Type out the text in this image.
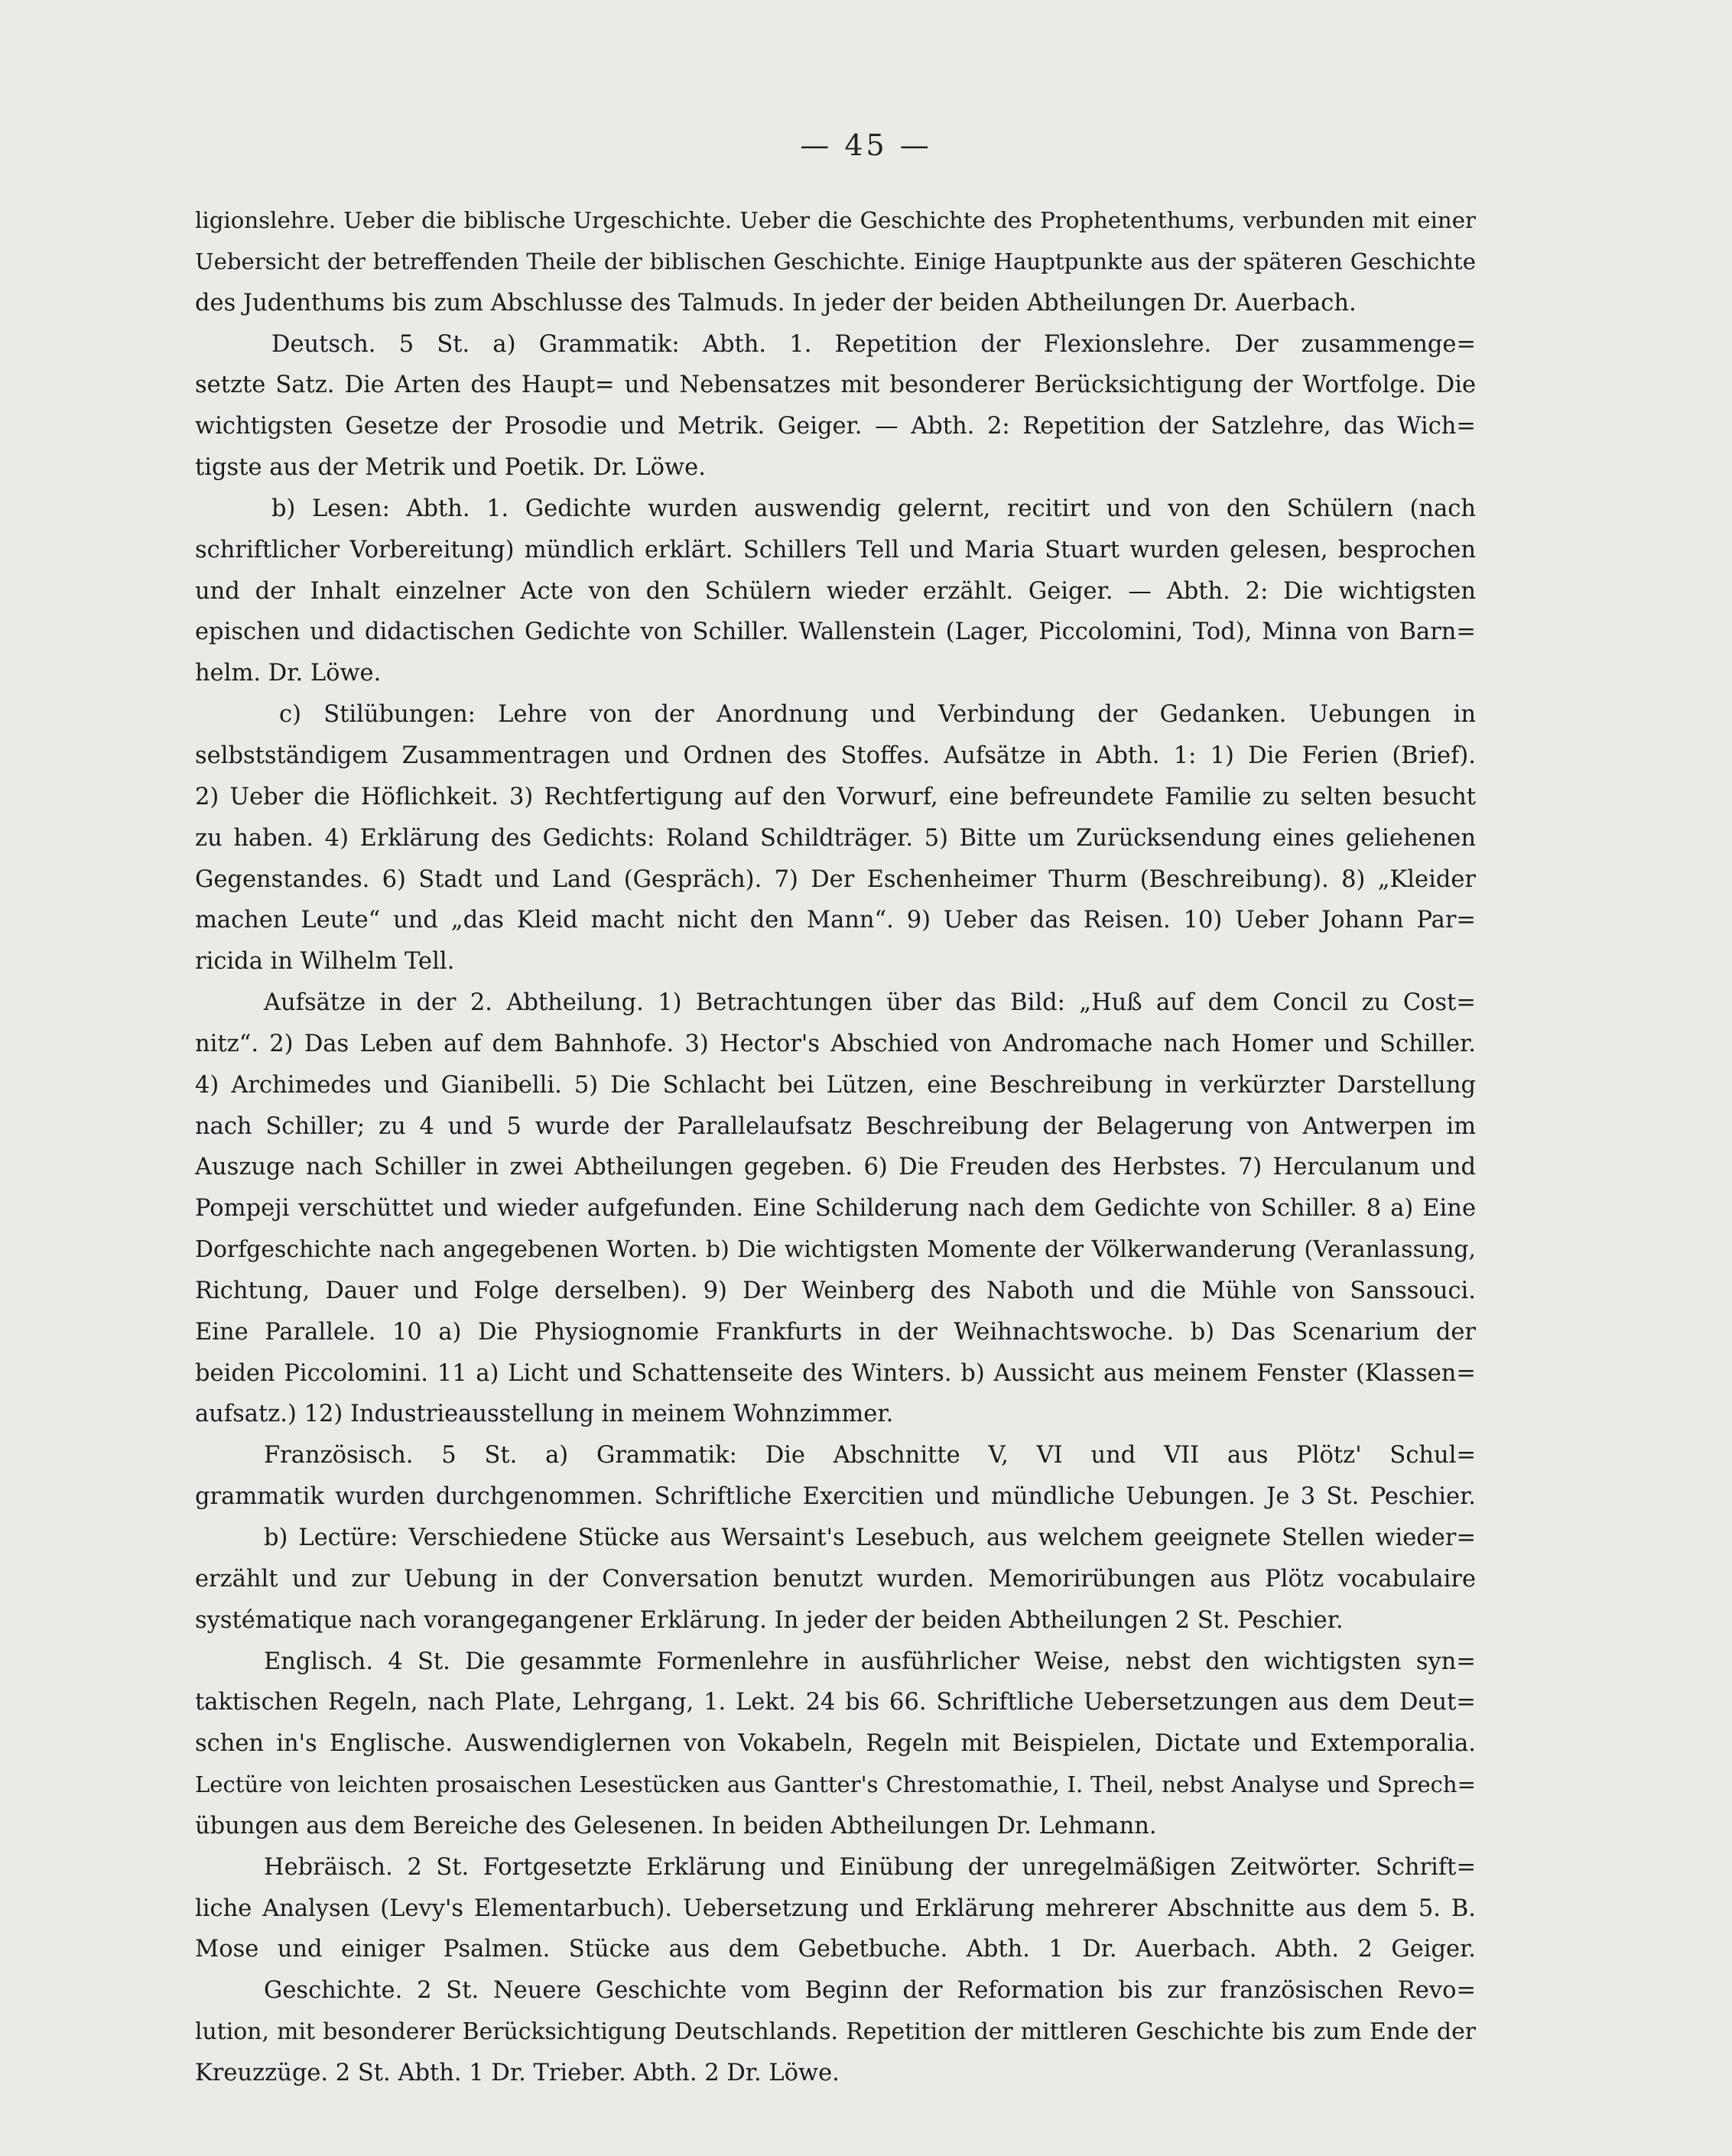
— 45 —
ligionslehre. Ueber die biblische Urgeschichte. Ueber die Geschichte des Prophetenthums, verbunden mit einer
Uebersicht der betreffenden Theile der biblischen Geschichte. Einige Hauptpunkte aus der späteren Geschichte
des Judenthums bis zum Abschlusse des Talmuds. In jeder der beiden Abtheilungen Dr. Auerbach.
Deutsch. 5 St. a) Grammatik: Abth. 1. Repetition der Flexionslehre. Der zusammenge=
setzte Satz. Die Arten des Haupt= und Nebensatzes mit besonderer Berücksichtigung der Wortfolge. Die
wichtigsten Gesetze der Prosodie und Metrik. Geiger. — Abth. 2: Repetition der Satzlehre, das Wich=
tigste aus der Metrik und Poetik. Dr. Löwe.
b) Lesen: Abth. 1. Gedichte wurden auswendig gelernt, recitirt und von den Schülern (nach
schriftlicher Vorbereitung) mündlich erklärt. Schillers Tell und Maria Stuart wurden gelesen, besprochen
und der Inhalt einzelner Acte von den Schülern wieder erzählt. Geiger. — Abth. 2: Die wichtigsten
epischen und didactischen Gedichte von Schiller. Wallenstein (Lager, Piccolomini, Tod), Minna von Barn=
helm. Dr. Löwe.
c) Stilübungen: Lehre von der Anordnung und Verbindung der Gedanken. Uebungen in
selbstständigem Zusammentragen und Ordnen des Stoffes. Aufsätze in Abth. 1: 1) Die Ferien (Brief).
2) Ueber die Höflichkeit. 3) Rechtfertigung auf den Vorwurf, eine befreundete Familie zu selten besucht
zu haben. 4) Erklärung des Gedichts: Roland Schildträger. 5) Bitte um Zurücksendung eines geliehenen
Gegenstandes. 6) Stadt und Land (Gespräch). 7) Der Eschenheimer Thurm (Beschreibung). 8) „Kleider
machen Leute“ und „das Kleid macht nicht den Mann“. 9) Ueber das Reisen. 10) Ueber Johann Par=
ricida in Wilhelm Tell.
Aufsätze in der 2. Abtheilung. 1) Betrachtungen über das Bild: „Huß auf dem Concil zu Cost=
nitz“. 2) Das Leben auf dem Bahnhofe. 3) Hector's Abschied von Andromache nach Homer und Schiller.
4) Archimedes und Gianibelli. 5) Die Schlacht bei Lützen, eine Beschreibung in verkürzter Darstellung
nach Schiller; zu 4 und 5 wurde der Parallelaufsatz Beschreibung der Belagerung von Antwerpen im
Auszuge nach Schiller in zwei Abtheilungen gegeben. 6) Die Freuden des Herbstes. 7) Herculanum und
Pompeji verschüttet und wieder aufgefunden. Eine Schilderung nach dem Gedichte von Schiller. 8 a) Eine
Dorfgeschichte nach angegebenen Worten. b) Die wichtigsten Momente der Völkerwanderung (Veranlassung,
Richtung, Dauer und Folge derselben). 9) Der Weinberg des Naboth und die Mühle von Sanssouci.
Eine Parallele. 10 a) Die Physiognomie Frankfurts in der Weihnachtswoche. b) Das Scenarium der
beiden Piccolomini. 11 a) Licht und Schattenseite des Winters. b) Aussicht aus meinem Fenster (Klassen=
aufsatz.) 12) Industrieausstellung in meinem Wohnzimmer.
Französisch. 5 St. a) Grammatik: Die Abschnitte V, VI und VII aus Plötz' Schul=
grammatik wurden durchgenommen. Schriftliche Exercitien und mündliche Uebungen. Je 3 St. Peschier.
b) Lectüre: Verschiedene Stücke aus Wersaint's Lesebuch, aus welchem geeignete Stellen wieder=
erzählt und zur Uebung in der Conversation benutzt wurden. Memorirübungen aus Plötz vocabulaire
systématique nach vorangegangener Erklärung. In jeder der beiden Abtheilungen 2 St. Peschier.
Englisch. 4 St. Die gesammte Formenlehre in ausführlicher Weise, nebst den wichtigsten syn=
taktischen Regeln, nach Plate, Lehrgang, 1. Lekt. 24 bis 66. Schriftliche Uebersetzungen aus dem Deut=
schen in's Englische. Auswendiglernen von Vokabeln, Regeln mit Beispielen, Dictate und Extemporalia.
Lectüre von leichten prosaischen Lesestücken aus Gantter's Chrestomathie, I. Theil, nebst Analyse und Sprech=
übungen aus dem Bereiche des Gelesenen. In beiden Abtheilungen Dr. Lehmann.
Hebräisch. 2 St. Fortgesetzte Erklärung und Einübung der unregelmäßigen Zeitwörter. Schrift=
liche Analysen (Levy's Elementarbuch). Uebersetzung und Erklärung mehrerer Abschnitte aus dem 5. B.
Mose und einiger Psalmen. Stücke aus dem Gebetbuche. Abth. 1 Dr. Auerbach. Abth. 2 Geiger.
Geschichte. 2 St. Neuere Geschichte vom Beginn der Reformation bis zur französischen Revo=
lution, mit besonderer Berücksichtigung Deutschlands. Repetition der mittleren Geschichte bis zum Ende der
Kreuzzüge. 2 St. Abth. 1 Dr. Trieber. Abth. 2 Dr. Löwe.
